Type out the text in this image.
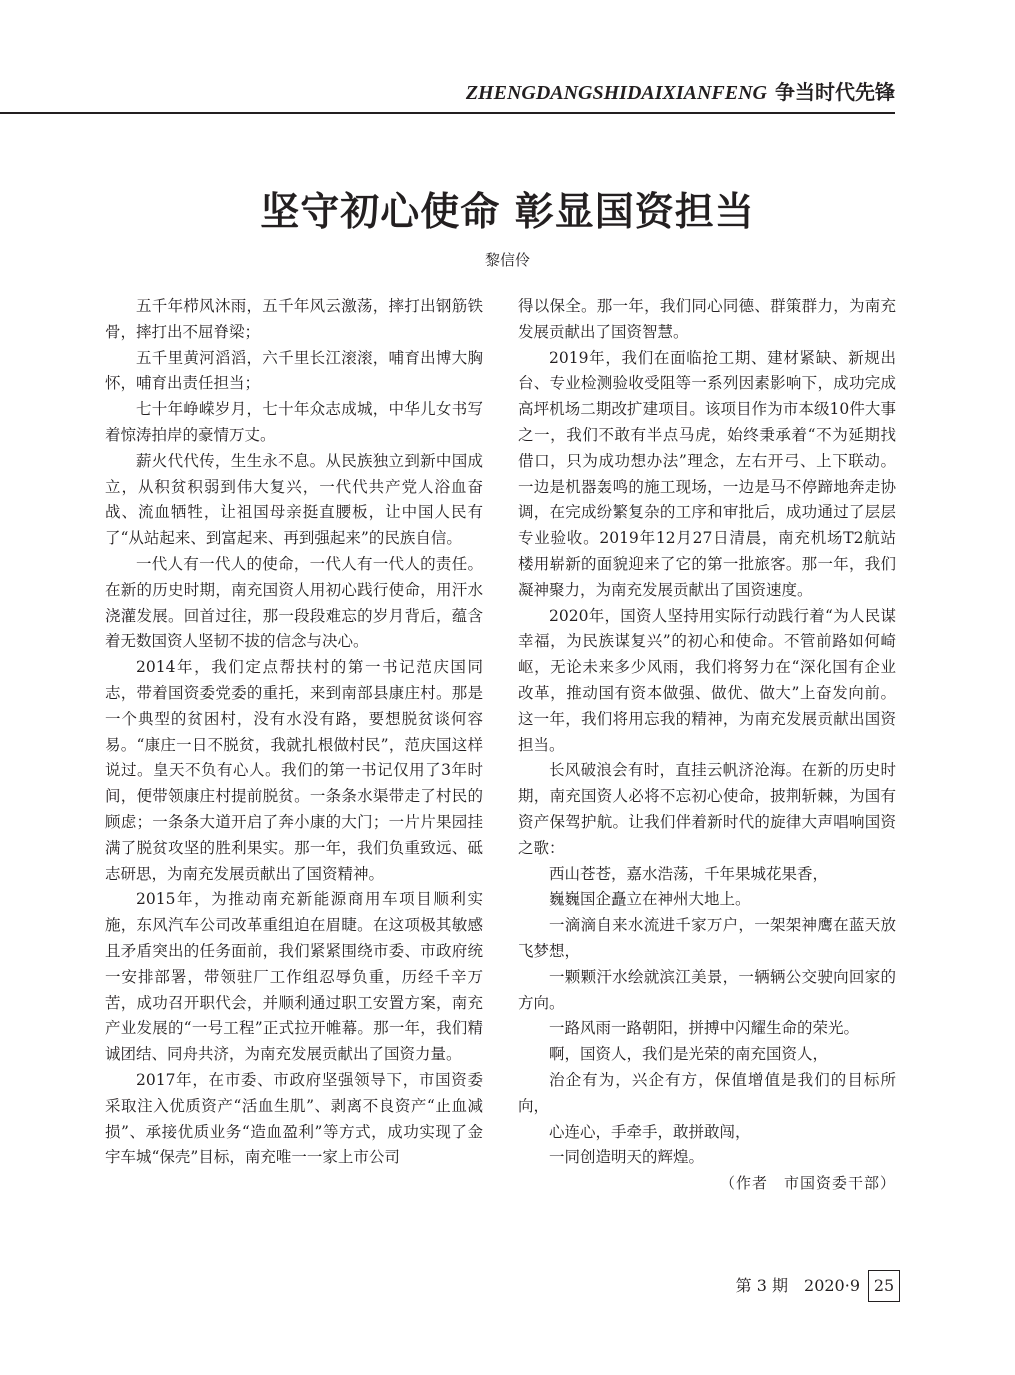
ZHENGDANGSHIDAIXIANFENG 争当时代先锋
坚守初心使命 彰显国资担当
黎信伶

五千年栉风沐雨，五千年风云激荡，摔打出钢筋铁骨，摔打出不屈脊梁；

五千里黄河滔滔，六千里长江滚滚，哺育出博大胸怀，哺育出责任担当；

七十年峥嵘岁月，七十年众志成城，中华儿女书写着惊涛拍岸的豪情万丈。

薪火代代传，生生永不息。从民族独立到新中国成立，从积贫积弱到伟大复兴，一代代共产党人浴血奋战、流血牺牲，让祖国母亲挺直腰板，让中国人民有了“从站起来、到富起来、再到强起来”的民族自信。

一代人有一代人的使命，一代人有一代人的责任。在新的历史时期，南充国资人用初心践行使命，用汗水浇灌发展。回首过往，那一段段难忘的岁月背后，蕴含着无数国资人坚韧不拔的信念与决心。

2014年，我们定点帮扶村的第一书记范庆国同志，带着国资委党委的重托，来到南部县康庄村。那是一个典型的贫困村，没有水没有路，要想脱贫谈何容易。“康庄一日不脱贫，我就扎根做村民”，范庆国这样说过。皇天不负有心人。我们的第一书记仅用了3年时间，便带领康庄村提前脱贫。一条条水渠带走了村民的顾虑；一条条大道开启了奔小康的大门；一片片果园挂满了脱贫攻坚的胜利果实。那一年，我们负重致远、砥志研思，为南充发展贡献出了国资精神。

2015年，为推动南充新能源商用车项目顺利实施，东风汽车公司改革重组迫在眉睫。在这项极其敏感且矛盾突出的任务面前，我们紧紧围绕市委、市政府统一安排部署，带领驻厂工作组忍辱负重，历经千辛万苦，成功召开职代会，并顺利通过职工安置方案，南充产业发展的“一号工程”正式拉开帷幕。那一年，我们精诚团结、同舟共济，为南充发展贡献出了国资力量。

2017年，在市委、市政府坚强领导下，市国资委采取注入优质资产“活血生肌”、剥离不良资产“止血减损”、承接优质业务“造血盈利”等方式，成功实现了金宇车城“保壳”目标，南充唯一一家上市公司

得以保全。那一年，我们同心同德、群策群力，为南充发展贡献出了国资智慧。

2019年，我们在面临抢工期、建材紧缺、新规出台、专业检测验收受阻等一系列因素影响下，成功完成高坪机场二期改扩建项目。该项目作为市本级10件大事之一，我们不敢有半点马虎，始终秉承着“不为延期找借口，只为成功想办法”理念，左右开弓、上下联动。一边是机器轰鸣的施工现场，一边是马不停蹄地奔走协调，在完成纷繁复杂的工序和审批后，成功通过了层层专业验收。2019年12月27日清晨，南充机场T2航站楼用崭新的面貌迎来了它的第一批旅客。那一年，我们凝神聚力，为南充发展贡献出了国资速度。

2020年，国资人坚持用实际行动践行着“为人民谋幸福，为民族谋复兴”的初心和使命。不管前路如何崎岖，无论未来多少风雨，我们将努力在“深化国有企业改革，推动国有资本做强、做优、做大”上奋发向前。这一年，我们将用忘我的精神，为南充发展贡献出国资担当。

长风破浪会有时，直挂云帆济沧海。在新的历史时期，南充国资人必将不忘初心使命，披荆斩棘，为国有资产保驾护航。让我们伴着新时代的旋律大声唱响国资之歌：

西山苍苍，嘉水浩荡，千年果城花果香，

巍巍国企矗立在神州大地上。

一滴滴自来水流进千家万户，一架架神鹰在蓝天放飞梦想，

一颗颗汗水绘就滨江美景，一辆辆公交驶向回家的方向。

一路风雨一路朝阳，拼搏中闪耀生命的荣光。

啊，国资人，我们是光荣的南充国资人，

治企有为，兴企有方，保值增值是我们的目标所向，

心连心，手牵手，敢拼敢闯，

一同创造明天的辉煌。

（作者　市国资委干部）
第 3 期　2020·9 25
